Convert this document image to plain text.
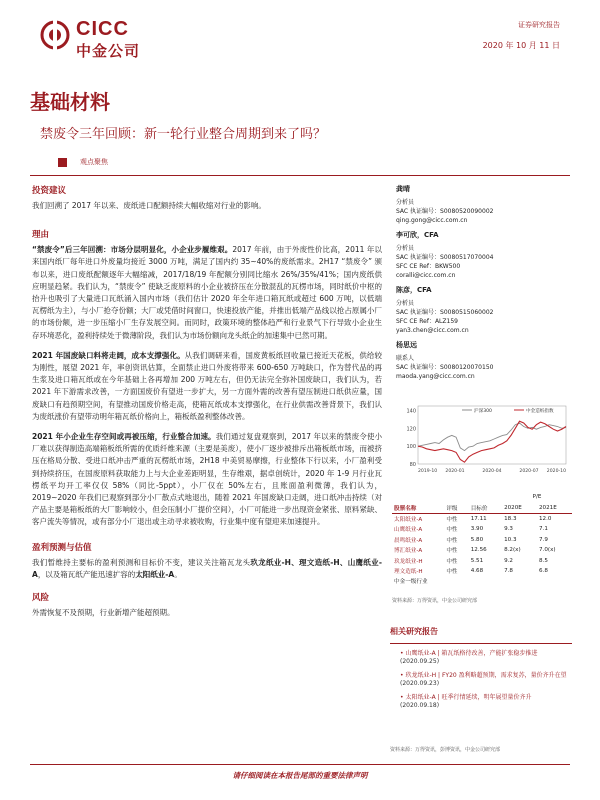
CICC
中金公司
证券研究报告
2020 年 10 月 11 日
基础材料
禁废令三年回顾：新一轮行业整合周期到来了吗？
观点聚焦
投资建议
我们回溯了 2017 年以来、废纸进口配额持续大幅收缩对行业的影响。
理由
“禁废令”后三年回溯：市场分层明显化，小企业步履维艰。2017 年前，由于外废性价比高，2011 年以来国内纸厂每年进口外废量均接近 3000 万吨，满足了国内约 35~40%的废纸需求。2H17 “禁废令” 颁布以来，进口废纸配额逐年大幅缩减，2017/18/19 年配额分别同比缩水 26%/35%/41%；国内废纸供应明显趋紧。我们认为，“禁废令” 使缺乏废原料的小企业被挤压在分散混乱的瓦楞市场，同时纸价中枢的抬升也吸引了大量进口瓦纸涌入国内市场（我们估计 2020 年全年进口箱瓦纸或超过 600 万吨，以低端瓦楞纸为主），与小厂抢夺份额；大厂或凭借时间窗口，快速投放产能，并推出低端产品线以抢占原属小厂的市场份额，进一步压缩小厂生存发展空间。而同时，政策环境的整体趋严和行业景气下行导致小企业生存环境恶化，盈利持续处于微薄阶段，我们认为市场份额向龙头纸企的加速集中已然可期。
2021 年国废缺口料将走阔，成本支撑强化。从我们调研来看，国废黄板纸回收量已接近天花板，供给较为刚性，展望 2021 年，率创资讯估算，全面禁止进口外废将带来 600-650 万吨缺口，作为替代品的再生浆及进口箱瓦纸或在今年基础上各再增加 200 万吨左右，但仍无法完全弥补国废缺口，我们认为，若 2021 年下游需求改善，一方面国废价有望进一步扩大，另一方面外需的改善有望压制进口纸供应量，国废缺口有趋预期空间，有望推动国废价格走高，使箱瓦纸成本支撑强化，在行业供需改善背景下，我们认为废纸涨价有望带动明年箱瓦纸价格向上，箱板纸盈利整体改善。
2021 年小企业生存空间或再被压缩，行业整合加速。我们通过复盘观察到，2017 年以来的禁废令使小厂难以获得制造高端箱板纸所需的优质纤维来源（主要是美废），使小厂逐步被排斥出箱板纸市场，而被挤压在格局分散、受进口纸冲击严重的瓦楞纸市场，2H18 中美贸易摩擦，行业整体下行以来，小厂盈利受到持续挤压，在国废原料获取能力上与大企业差距明显，生存维艰，据卓创统计，2020 年 1-9 月行业瓦楞纸平均开工率仅仅 58%（同比-5ppt），小厂仅在 50%左右，且账面盈利微薄，我们认为，2019~2020 年我们已观察到部分小厂散点式地退出，随着 2021 年国废缺口走阔，进口纸冲击持续（对产品主要是箱板纸的大厂影响较小，但会压制小厂提价空间），小厂可能进一步出现资金紧张、原料紧缺、客户流失等情况，或有部分小厂退出或主动寻求被收购，行业集中度有望迎来加速提升。
盈利预测与估值
我们暂维持主要标的盈利预测和目标价不变，建议关注箱瓦龙头玖龙纸业-H、理文造纸-H、山鹰纸业-A，以及箱瓦纸产能迅速扩容的太阳纸业-A。
风险
外需恢复不及预期，行业新增产能超预期。
龚晴
分析员
SAC 执证编号：S0080520090002
qing.gong@cicc.com.cn
李可欣，CFA
分析员
SAC 执证编号：S0080517070004
SFC CE Ref：BKW500
coralli@cicc.com.cn
陈彦，CFA
分析员
SAC 执证编号：S0080515060002
SFC CE Ref：ALZ159
yan3.chen@cicc.com.cn
杨思远
联系人
SAC 执证编号：S0080120070150
maoda.yang@cicc.com.cn
140
120
100
80
2019-10 2020-01	2020-04	2020-07 2020-10
沪深300	中金造纸指数
			P/E	
股票名称	评级	目标价	2020E	2021E
太阳纸业-A	中性	17.11	18.3	12.0
山鹰纸业-A	中性	3.90	9.3	7.1
晨鸣纸业-A	中性	5.80	10.3	7.9
博汇纸业-A	中性	12.56	8.2(x)	7.0(x)
玖龙纸业-H	中性	5.51	9.2	8.5
理文造纸-H	中性	4.68	7.8	6.8
中金一级行业				
资料来源：万得资讯，中金公司研究部
相关研究报告
• 山鹰纸业-A | 箱瓦纸格待改善，产能扩张稳步推进
(2020.09.25)
• 玖龙纸业-H | FY20 盈利略超预期，需求复苏，量价齐升在望
(2020.09.23)
• 太阳纸业-A | 旺季行情延续，明年展望量价齐升
(2020.09.18)
资料来源：万得资讯，彭博资讯，中金公司研究部
请仔细阅读在本报告尾部的重要法律声明
